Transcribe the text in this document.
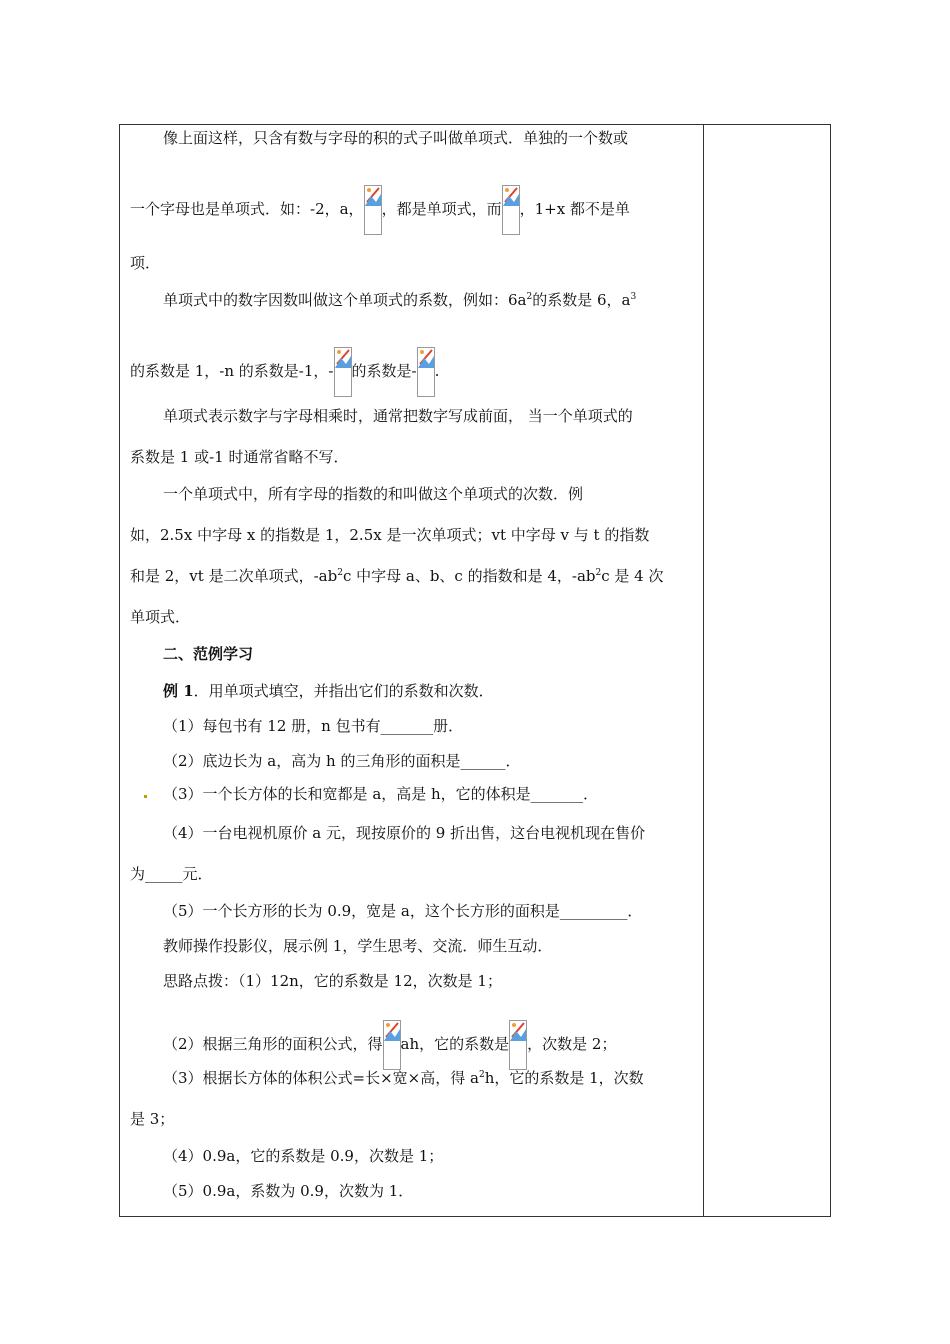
像上面这样，只含有数与字母的积的式子叫做单项式．单独的一个数或
一个字母也是单项式．如：-2，a， ，都是单项式，而 ，1+x 都不是单
项．
单项式中的数字因数叫做这个单项式的系数，例如：$6a^2$的系数是 6，$a^3$
的系数是 1，-n 的系数是-1，- 的系数是- .
单项式表示数字与字母相乘时，通常把数字写成前面， 当一个单项式的
系数是 1 或-1 时通常省略不写．
一个单项式中，所有字母的指数的和叫做这个单项式的次数．例
如，2.5x 中字母 x 的指数是 1，2.5x 是一次单项式；vt 中字母 v 与 t 的指数
和是 2，vt 是二次单项式，$-ab^2c$ 中字母 a、b、c 的指数和是 4，$-ab^2c$ 是 4 次
单项式．
二、范例学习
例 1．用单项式填空，并指出它们的系数和次数．
（1）每包书有 12 册，n 包书有_______册．
（2）底边长为 a，高为 h 的三角形的面积是______．
（3）一个长方体的长和宽都是 a，高是 h，它的体积是_______．
（4）一台电视机原价 a 元，现按原价的 9 折出售，这台电视机现在售价
为_____元．
（5）一个长方形的长为 0.9，宽是 a，这个长方形的面积是_________．
教师操作投影仪，展示例 1，学生思考、交流．师生互动．
思路点拨：（1）12n，它的系数是 12，次数是 1；
（2）根据三角形的面积公式，得 ah，它的系数是 ，次数是 2；
（3）根据长方体的体积公式=长×宽×高，得 $a^2h$，它的系数是 1，次数
是 3；
（4）0.9a，它的系数是 0.9，次数是 1；
（5）0.9a，系数为 0.9，次数为 1．
